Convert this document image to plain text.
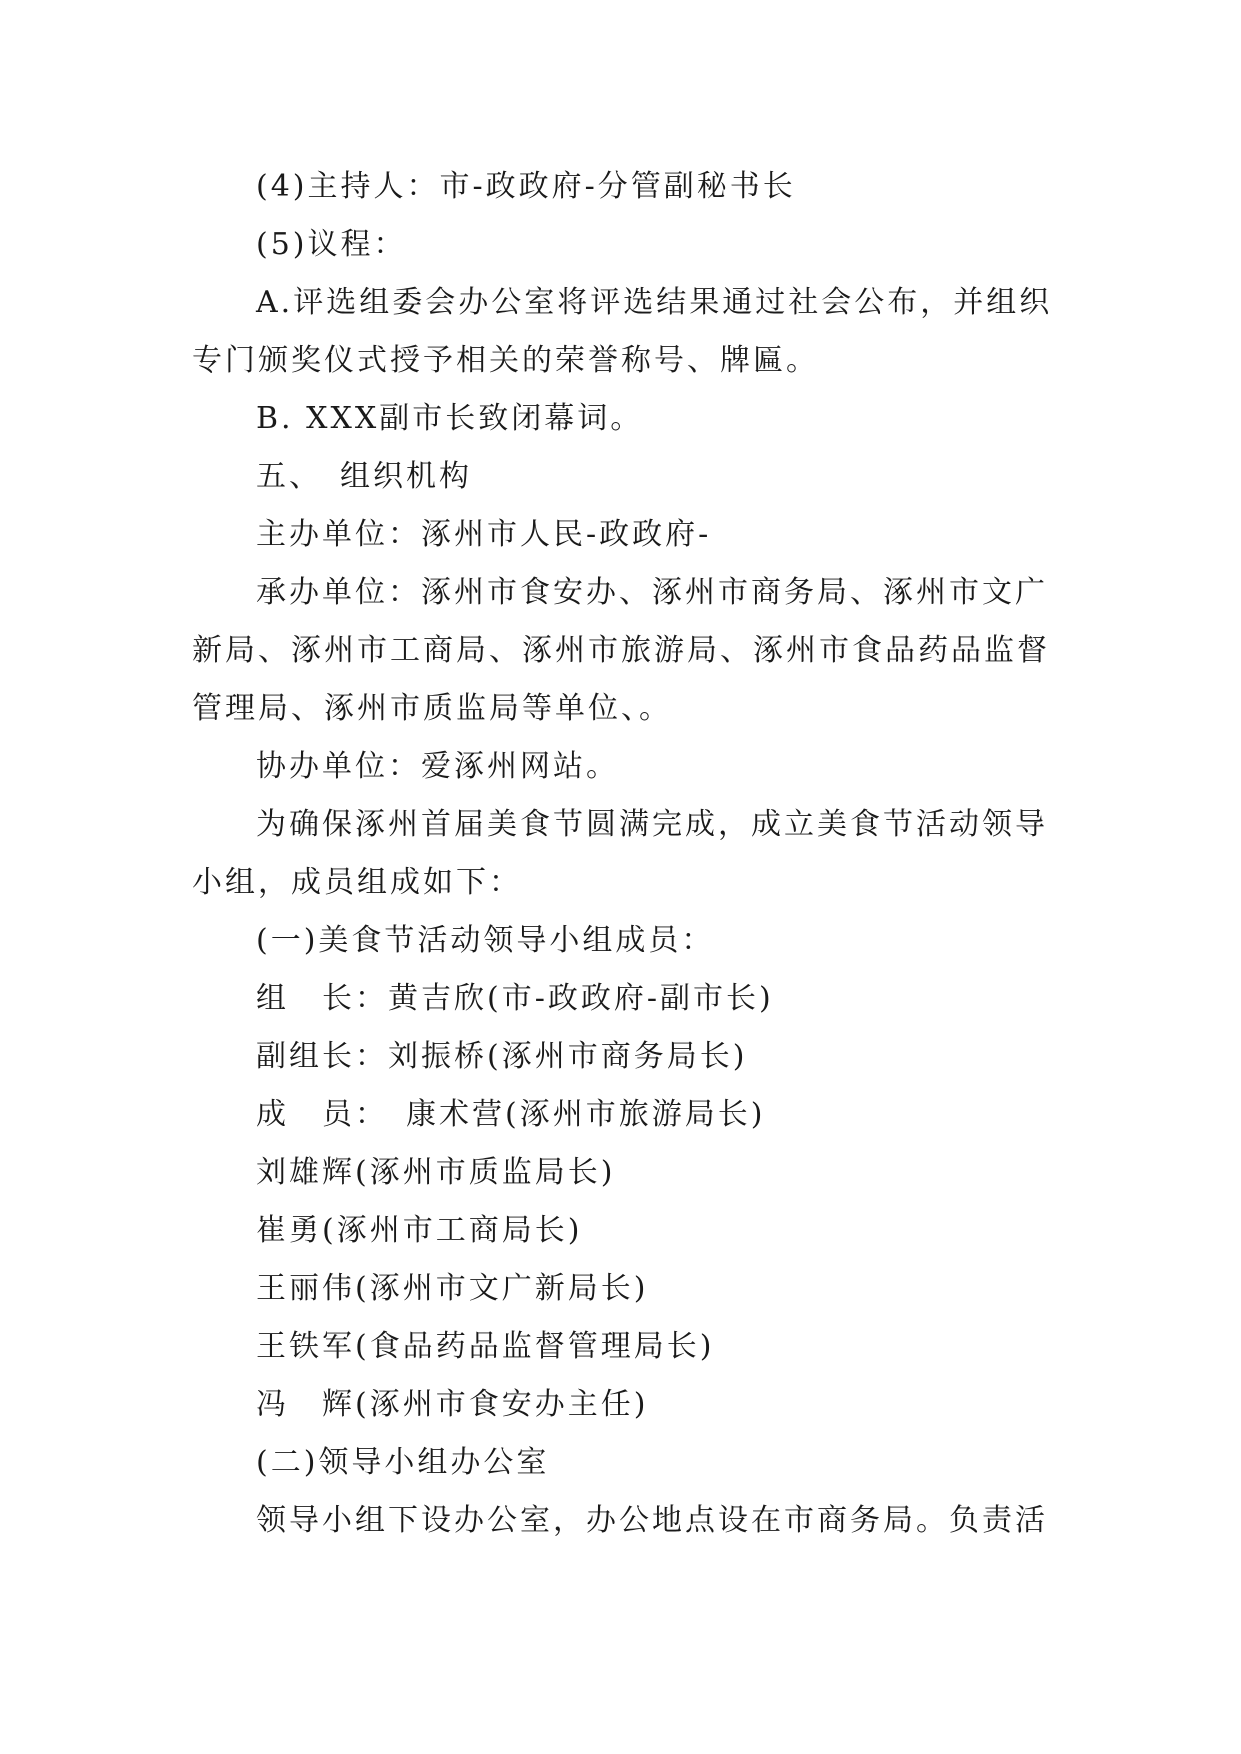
(4)主持人：市-政政府-分管副秘书长
(5)议程：
A.评选组委会办公室将评选结果通过社会公布，并组织
专门颁奖仪式授予相关的荣誉称号、牌匾。
B. XXX副市长致闭幕词。
五、　组织机构
主办单位：涿州市人民-政政府-
承办单位：涿州市食安办、涿州市商务局、涿州市文广
新局、涿州市工商局、涿州市旅游局、涿州市食品药品监督
管理局、涿州市质监局等单位、。
协办单位：爱涿州网站。
为确保涿州首届美食节圆满完成，成立美食节活动领导
小组，成员组成如下：
(一)美食节活动领导小组成员：
组　长：黄吉欣(市-政政府-副市长)
副组长：刘振桥(涿州市商务局长)
成　员：　康术营(涿州市旅游局长)
刘雄辉(涿州市质监局长)
崔勇(涿州市工商局长)
王丽伟(涿州市文广新局长)
王铁军(食品药品监督管理局长)
冯　辉(涿州市食安办主任)
(二)领导小组办公室
领导小组下设办公室，办公地点设在市商务局。负责活
